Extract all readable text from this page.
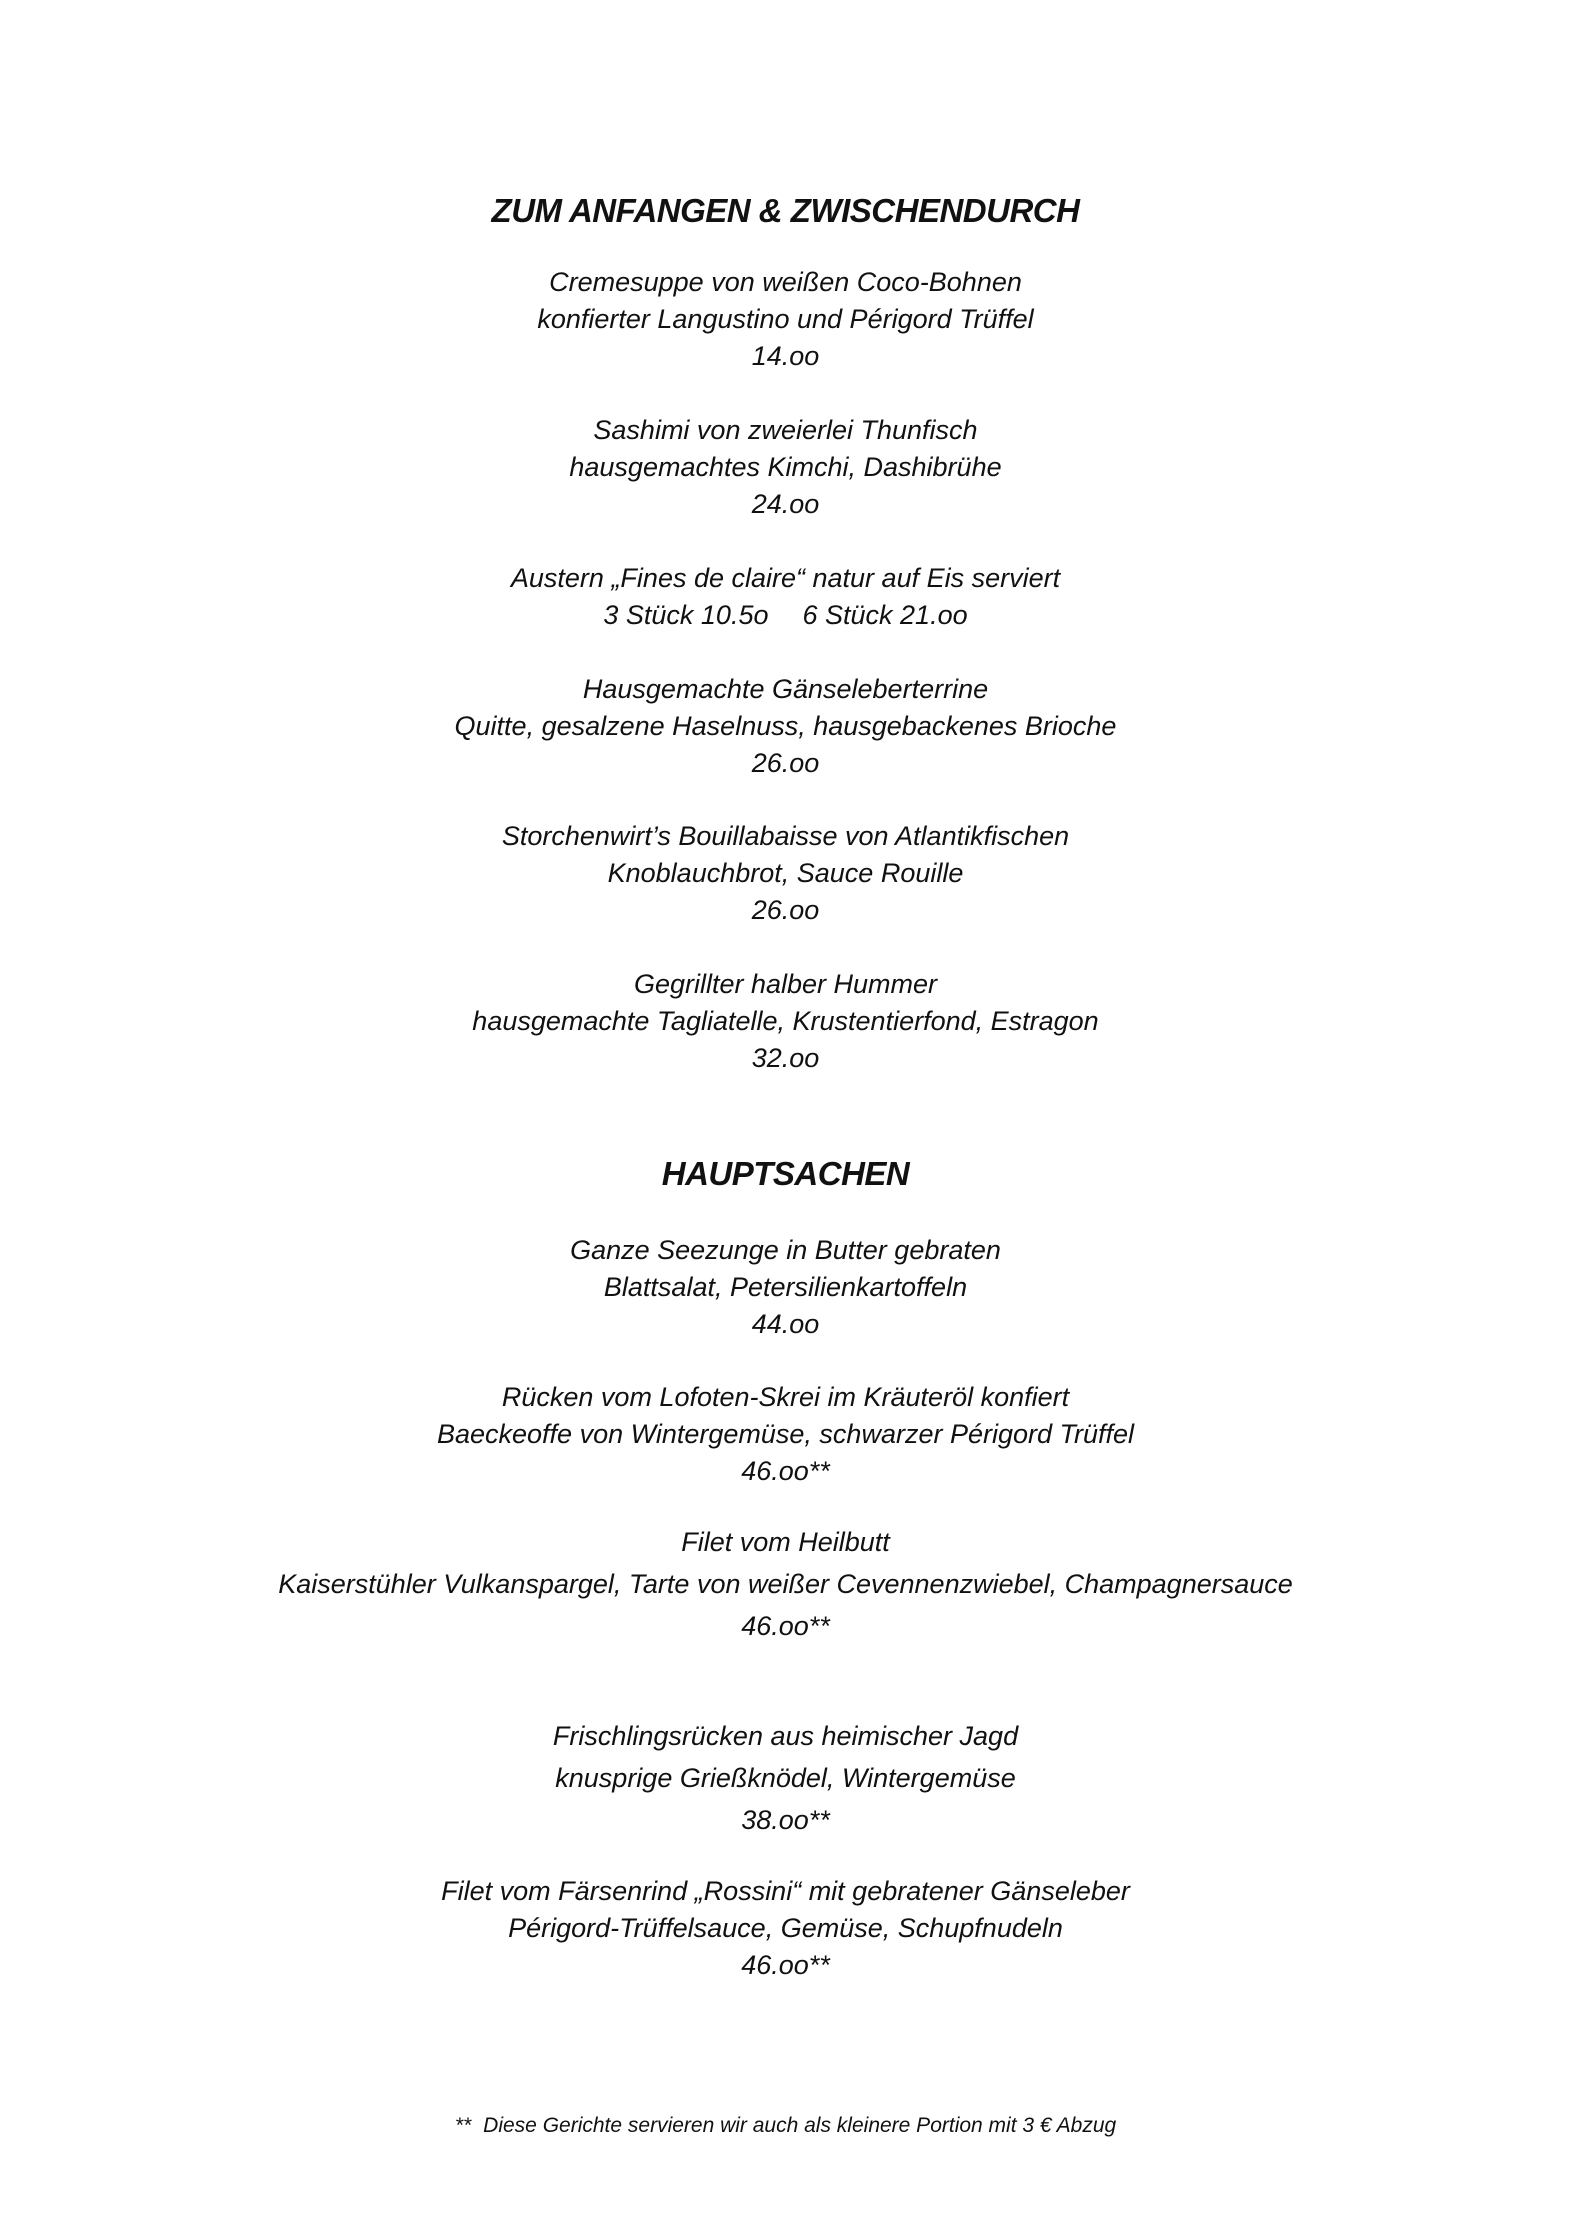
ZUM ANFANGEN & ZWISCHENDURCH
Cremesuppe von weißen Coco-Bohnen
konfierter Langustino und Périgord Trüffel
14.oo
Sashimi von zweierlei Thunfisch
hausgemachtes Kimchi, Dashibrühe
24.oo
Austern „Fines de claire“ natur auf Eis serviert
3 Stück 10.5o 6 Stück 21.oo
Hausgemachte Gänseleberterrine
Quitte, gesalzene Haselnuss, hausgebackenes Brioche
26.oo
Storchenwirt’s Bouillabaisse von Atlantikfischen
Knoblauchbrot, Sauce Rouille
26.oo
Gegrillter halber Hummer
hausgemachte Tagliatelle, Krustentierfond, Estragon
32.oo
HAUPTSACHEN
Ganze Seezunge in Butter gebraten
Blattsalat, Petersilienkartoffeln
44.oo
Rücken vom Lofoten-Skrei im Kräuteröl konfiert
Baeckeoffe von Wintergemüse, schwarzer Périgord Trüffel
46.oo**
Filet vom Heilbutt
Kaiserstühler Vulkanspargel, Tarte von weißer Cevennenzwiebel, Champagnersauce
46.oo**
Frischlingsrücken aus heimischer Jagd
knusprige Grießknödel, Wintergemüse
38.oo**
Filet vom Färsenrind „Rossini“ mit gebratener Gänseleber
Périgord-Trüffelsauce, Gemüse, Schupfnudeln
46.oo**
** Diese Gerichte servieren wir auch als kleinere Portion mit 3 € Abzug
